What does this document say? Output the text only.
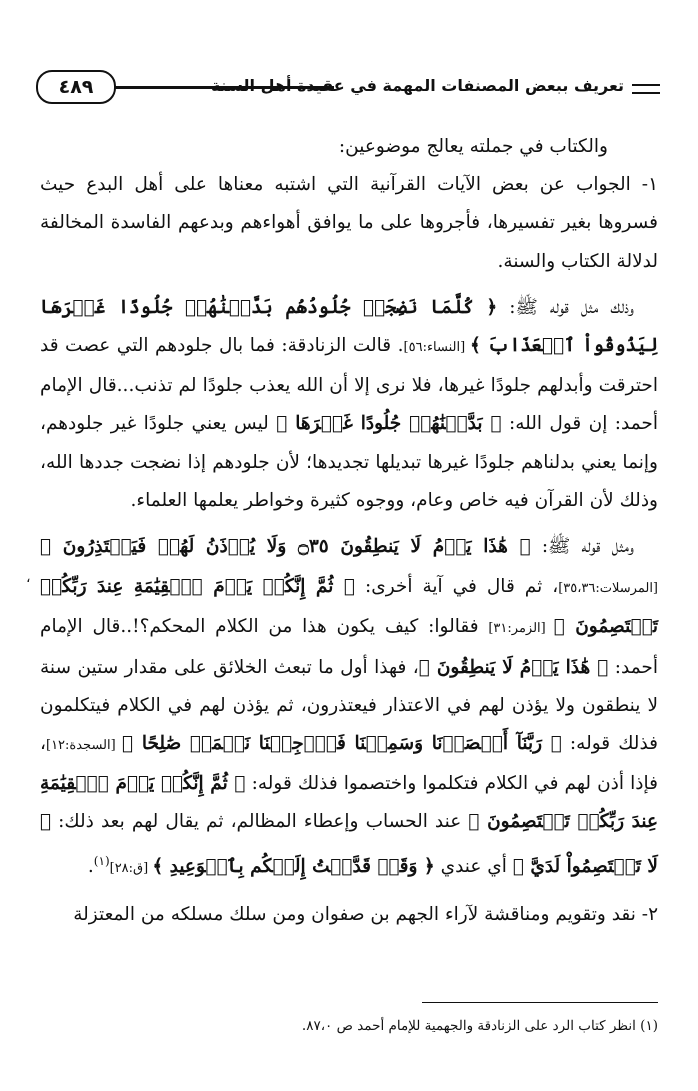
تعريف ببعض المصنفات المهمة في عقيدة أهل السنة
٤٨٩

والكتاب في جملته يعالج موضوعين:

١- الجواب عن بعض الآيات القرآنية التي اشتبه معناها على أهل البدع حيث فسروها بغير تفسيرها، فأجروها على ما يوافق أهواءهم وبدعهم الفاسدة المخالفة لدلالة الكتاب والسنة.

وذلك مثل قوله ﷺ: ﴿ كُلَّمَا نَضِجَتۡ جُلُودُهُم بَدَّلۡنَٰهُمۡ جُلُودًا غَيۡرَهَا لِيَذُوقُواْ ٱلۡعَذَابَ ﴾ [النساء:٥٦]. قالت الزنادقة: فما بال جلودهم التي عصت قد احترقت وأبدلهم جلودًا غيرها، فلا نرى إلا أن الله يعذب جلودًا لم تذنب...قال الإمام أحمد: إن قول الله: ﴿ بَدَّلۡنَٰهُمۡ جُلُودًا غَيۡرَهَا ﴾ ليس يعني جلودًا غير جلودهم، وإنما يعني بدلناهم جلودًا غيرها تبديلها تجديدها؛ لأن جلودهم إذا نضجت جددها الله، وذلك لأن القرآن فيه خاص وعام، ووجوه كثيرة وخواطر يعلمها العلماء.

ومثل قوله ﷺ: ﴿ هَٰذَا يَوۡمُ لَا يَنطِقُونَ ۝٣٥ وَلَا يُؤۡذَنُ لَهُمۡ فَيَعۡتَذِرُونَ ﴾ [المرسلات:٣٥،٣٦]، ثم قال في آية أخرى: ﴿ ثُمَّ إِنَّكُمۡ يَوۡمَ ٱلۡقِيَٰمَةِ عِندَ رَبِّكُمۡ تَخۡتَصِمُونَ ﴾ [الزمر:٣١] فقالوا: كيف يكون هذا من الكلام المحكم؟!..قال الإمام أحمد: ﴿ هَٰذَا يَوۡمُ لَا يَنطِقُونَ ﴾، فهذا أول ما تبعث الخلائق على مقدار ستين سنة لا ينطقون ولا يؤذن لهم في الاعتذار فيعتذرون، ثم يؤذن لهم في الكلام فيتكلمون فذلك قوله: ﴿ رَبَّنَآ أَبۡصَرۡنَا وَسَمِعۡنَا فَٱرۡجِعۡنَا نَعۡمَلۡ صَٰلِحًا ﴾ [السجدة:١٢]، فإذا أذن لهم في الكلام فتكلموا واختصموا فذلك قوله: ﴿ ثُمَّ إِنَّكُمۡ يَوۡمَ ٱلۡقِيَٰمَةِ عِندَ رَبِّكُمۡ تَخۡتَصِمُونَ ﴾ عند الحساب وإعطاء المظالم، ثم يقال لهم بعد ذلك: ﴿ لَا تَخۡتَصِمُواْ لَدَيَّ ﴾ أي عندي ﴿ وَقَدۡ قَدَّمۡتُ إِلَيۡكُم بِٱلۡوَعِيدِ ﴾ [ق:٢٨]$^{(١)}$.

٢- نقد وتقويم ومناقشة لآراء الجهم بن صفوان ومن سلك مسلكه من المعتزلة

،
(١) انظر كتاب الرد على الزنادقة والجهمية للإمام أحمد ص ٨٧،٠.
